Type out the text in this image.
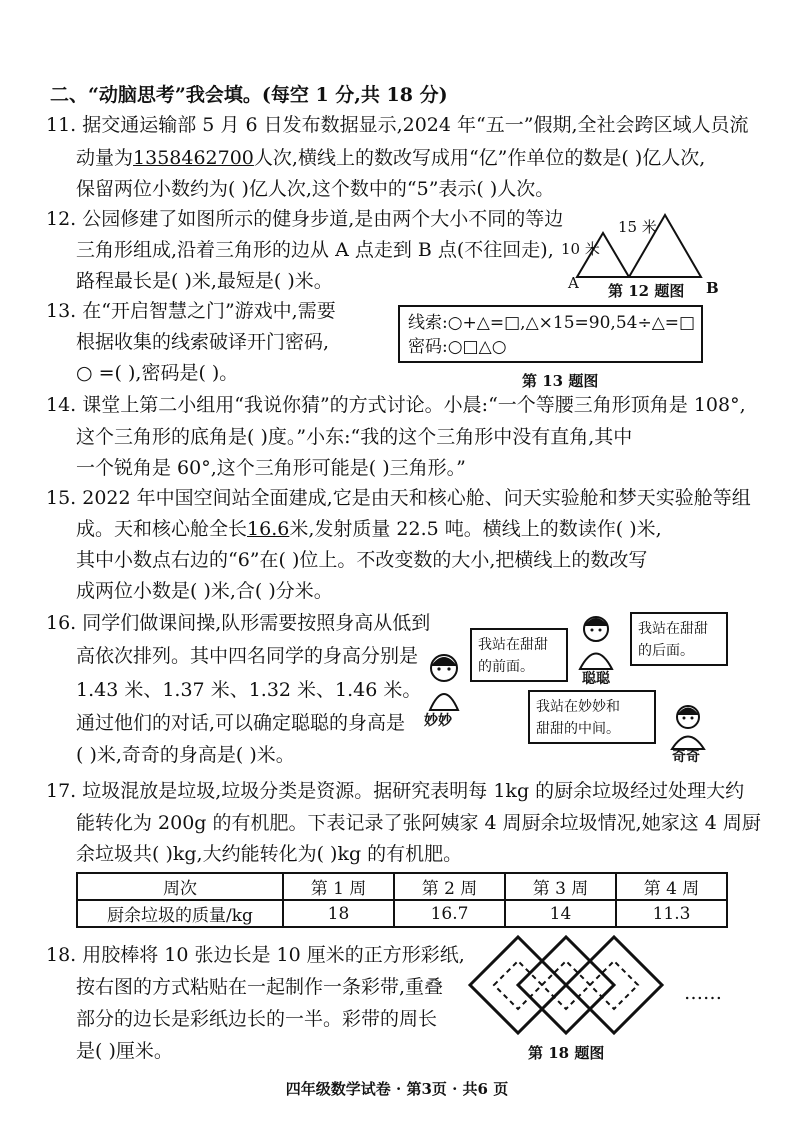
二、“动脑思考”我会填。(每空 1 分,共 18 分)
11. 据交通运输部 5 月 6 日发布数据显示,2024 年“五一”假期,全社会跨区域人员流
动量为1358462700人次,横线上的数改写成用“亿”作单位的数是( )亿人次,
保留两位小数约为( )亿人次,这个数中的“5”表示( )人次。
12. 公园修建了如图所示的健身步道,是由两个大小不同的等边
三角形组成,沿着三角形的边从 A 点走到 B 点(不往回走),
路程最长是( )米,最短是( )米。
15 米
10 米
A	B
第 12 题图
13. 在“开启智慧之门”游戏中,需要
根据收集的线索破译开门密码,
○ =( ),密码是( )。
线索:○+△=□,△×15=90,54÷△=□
密码:○□△○
第 13 题图
14. 课堂上第二小组用“我说你猜”的方式讨论。小晨:“一个等腰三角形顶角是 108°,
这个三角形的底角是( )度。”小东:“我的这个三角形中没有直角,其中
一个锐角是 60°,这个三角形可能是( )三角形。”
15. 2022 年中国空间站全面建成,它是由天和核心舱、问天实验舱和梦天实验舱等组
成。天和核心舱全长16.6米,发射质量 22.5 吨。横线上的数读作( )米,
其中小数点右边的“6”在( )位上。不改变数的大小,把横线上的数改写
成两位小数是( )米,合( )分米。
16. 同学们做课间操,队形需要按照身高从低到
高依次排列。其中四名同学的身高分别是
1.43 米、1.37 米、1.32 米、1.46 米。
通过他们的对话,可以确定聪聪的身高是
( )米,奇奇的身高是( )米。
我站在甜甜
的前面。
我站在甜甜
的后面。
我站在妙妙和
甜甜的中间。
妙妙
聪聪
奇奇
17. 垃圾混放是垃圾,垃圾分类是资源。据研究表明每 1kg 的厨余垃圾经过处理大约
能转化为 200g 的有机肥。下表记录了张阿姨家 4 周厨余垃圾情况,她家这 4 周厨
余垃圾共( )kg,大约能转化为( )kg 的有机肥。
周次	第 1 周	第 2 周	第 3 周	第 4 周
厨余垃圾的质量/kg	18	16.7	14	11.3
18. 用胶棒将 10 张边长是 10 厘米的正方形彩纸,
按右图的方式粘贴在一起制作一条彩带,重叠
部分的边长是彩纸边长的一半。彩带的周长
是( )厘米。
……
第 18 题图
四年级数学试卷 · 第3页 · 共6 页
